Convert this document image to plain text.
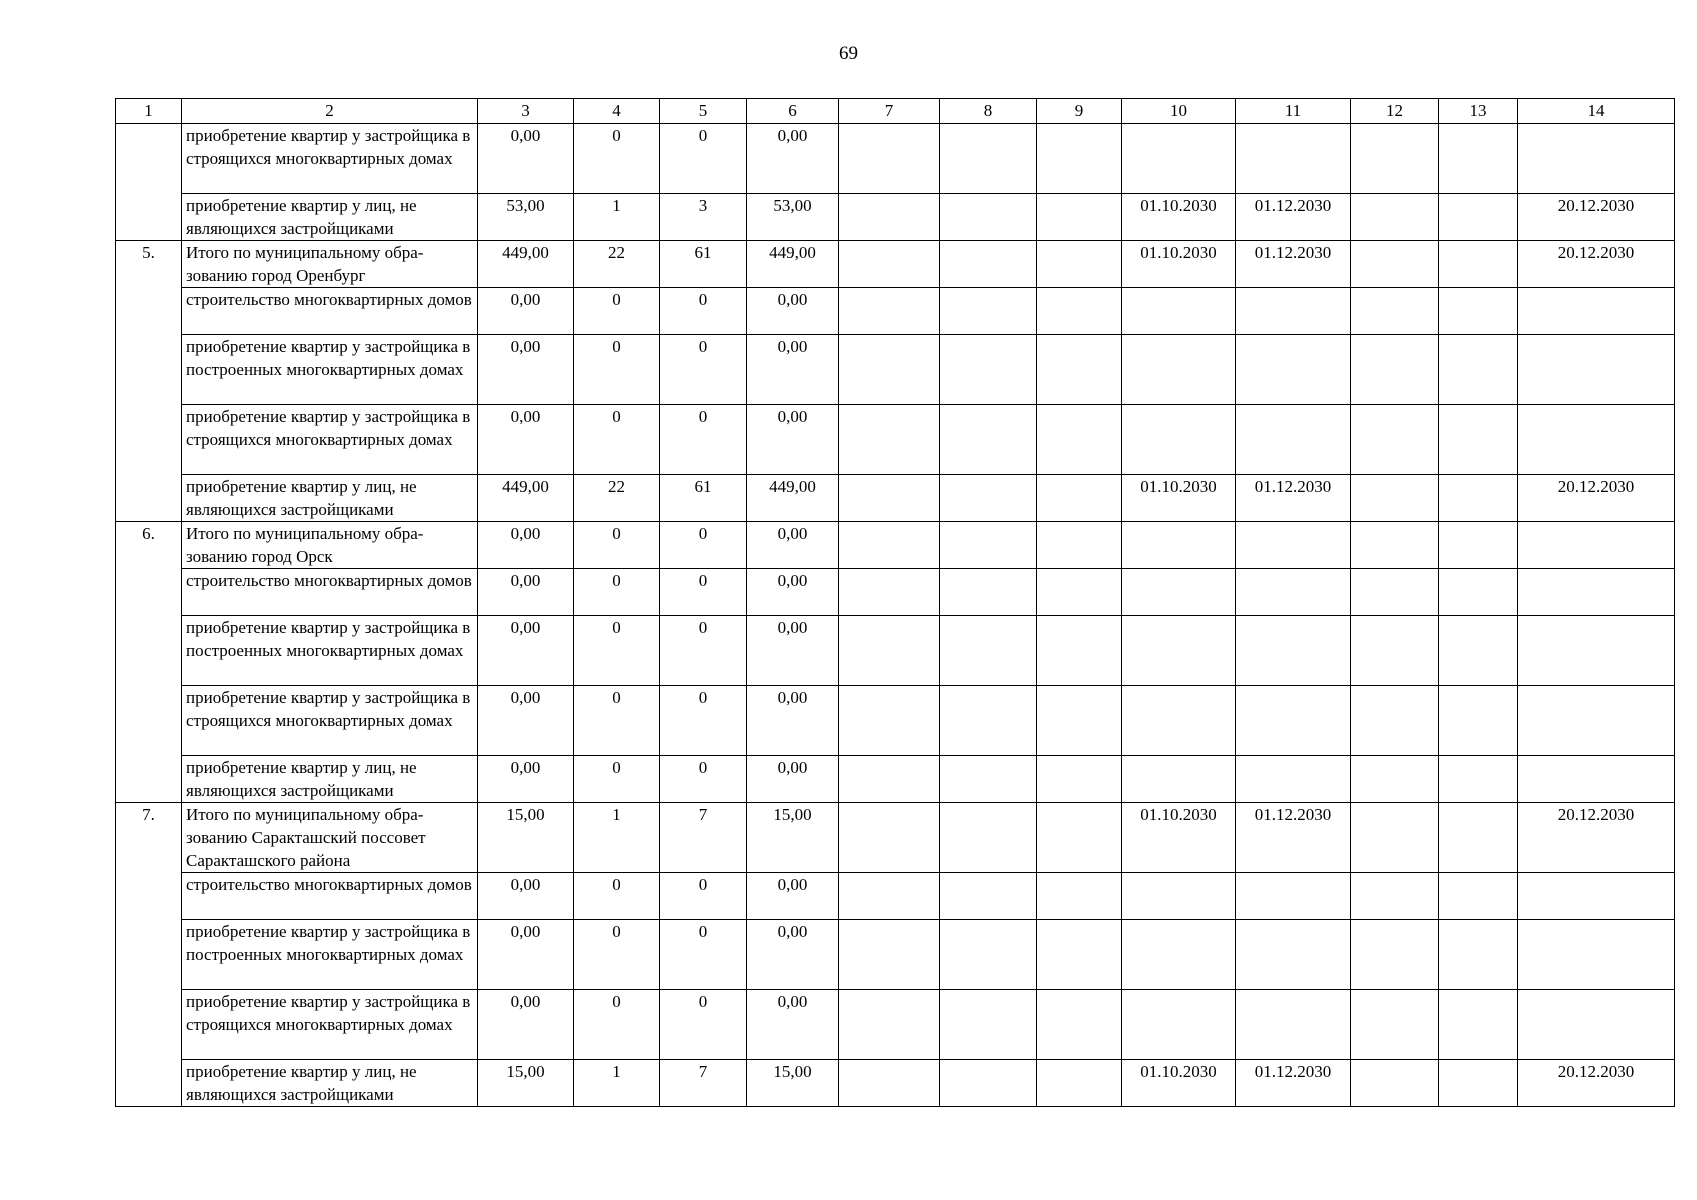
69
1	2	3	4	5	6	7	8	9	10	11	12	13	14
	приобретение квартир у застройщика в строящихся многоквартирных домах	0,00	0	0	0,00								
	приобретение квартир у лиц, не являющихся застройщиками	53,00	1	3	53,00				01.10.2030	01.12.2030			20.12.2030
5.	Итого по муниципальному образованию город Оренбург	449,00	22	61	449,00				01.10.2030	01.12.2030			20.12.2030
	строительство многоквартирных домов	0,00	0	0	0,00								
	приобретение квартир у застройщика в построенных многоквартирных домах	0,00	0	0	0,00								
	приобретение квартир у застройщика в строящихся многоквартирных домах	0,00	0	0	0,00								
	приобретение квартир у лиц, не являющихся застройщиками	449,00	22	61	449,00				01.10.2030	01.12.2030			20.12.2030
6.	Итого по муниципальному образованию город Орск	0,00	0	0	0,00								
	строительство многоквартирных домов	0,00	0	0	0,00								
	приобретение квартир у застройщика в построенных многоквартирных домах	0,00	0	0	0,00								
	приобретение квартир у застройщика в строящихся многоквартирных домах	0,00	0	0	0,00								
	приобретение квартир у лиц, не являющихся застройщиками	0,00	0	0	0,00								
7.	Итого по муниципальному образованию Саракташский поссовет Саракташского района	15,00	1	7	15,00				01.10.2030	01.12.2030			20.12.2030
	строительство многоквартирных домов	0,00	0	0	0,00								
	приобретение квартир у застройщика в построенных многоквартирных домах	0,00	0	0	0,00								
	приобретение квартир у застройщика в строящихся многоквартирных домах	0,00	0	0	0,00								
	приобретение квартир у лиц, не являющихся застройщиками	15,00	1	7	15,00				01.10.2030	01.12.2030			20.12.2030
